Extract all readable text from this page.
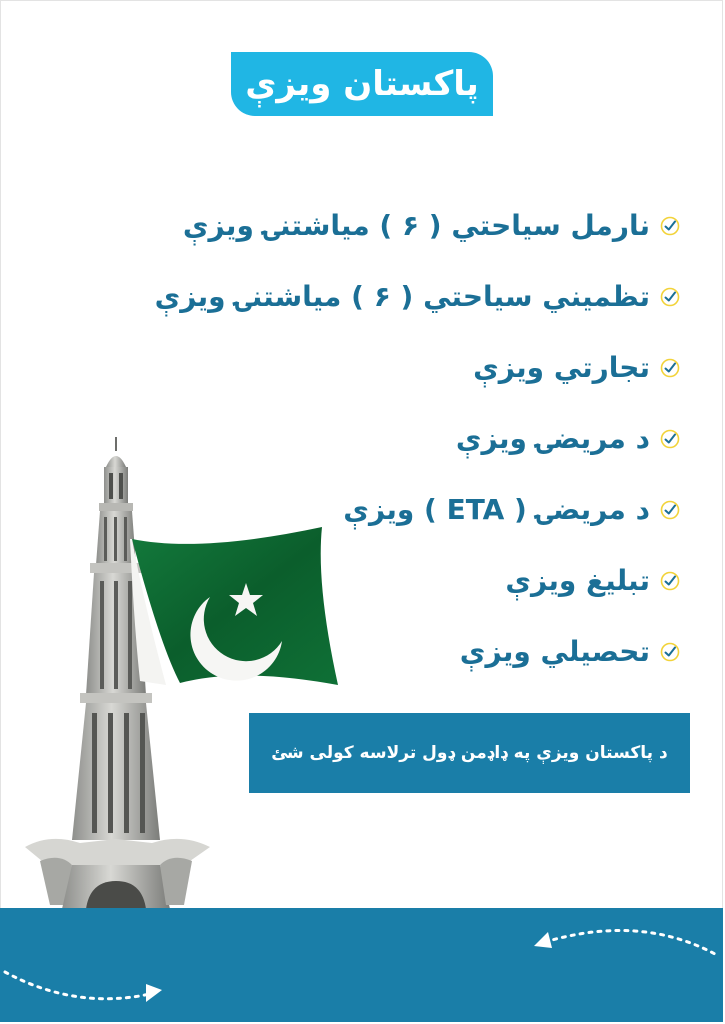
پاکستان ویزې
نارمل سیاحتي ( ۶ ) میاشتنۍ ویزې
تظمیني سیاحتي ( ۶ ) میاشتنۍ ویزې
تجارتي ویزې
د مریضۍ ویزې
د مریضۍ ( ETA ) ویزې
تبلیغ ویزې
تحصیلي ویزې
د پاکستان ویزې په ډاډمن ډول ترلاسه کولی شئ
